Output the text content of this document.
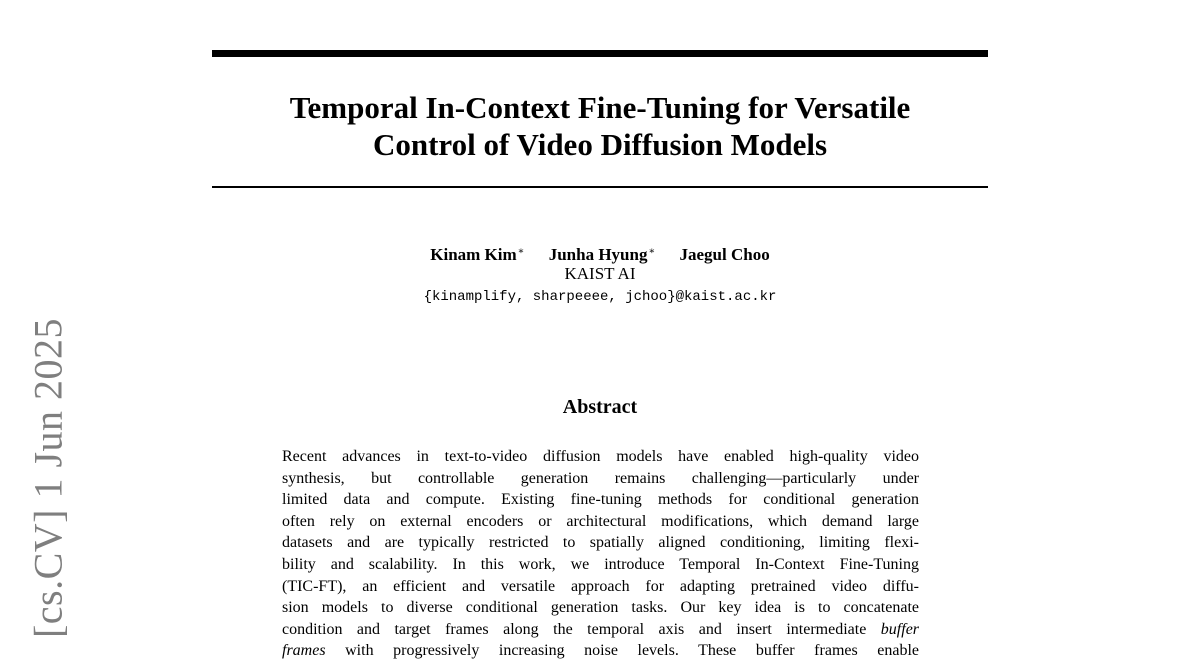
[cs.CV] 1 Jun 2025
Temporal In-Context Fine-Tuning for Versatile
Control of Video Diffusion Models
Kinam Kim∗ Junha Hyung∗ Jaegul Choo
KAIST AI
{kinamplify, sharpeeee, jchoo}@kaist.ac.kr
Abstract
Recent advances in text-to-video diffusion models have enabled high-quality video
synthesis, but controllable generation remains challenging—particularly under
limited data and compute. Existing fine-tuning methods for conditional generation
often rely on external encoders or architectural modifications, which demand large
datasets and are typically restricted to spatially aligned conditioning, limiting flexi-
bility and scalability. In this work, we introduce Temporal In-Context Fine-Tuning
(TIC-FT), an efficient and versatile approach for adapting pretrained video diffu-
sion models to diverse conditional generation tasks. Our key idea is to concatenate
condition and target frames along the temporal axis and insert intermediate buffer
frames with progressively increasing noise levels. These buffer frames enable
